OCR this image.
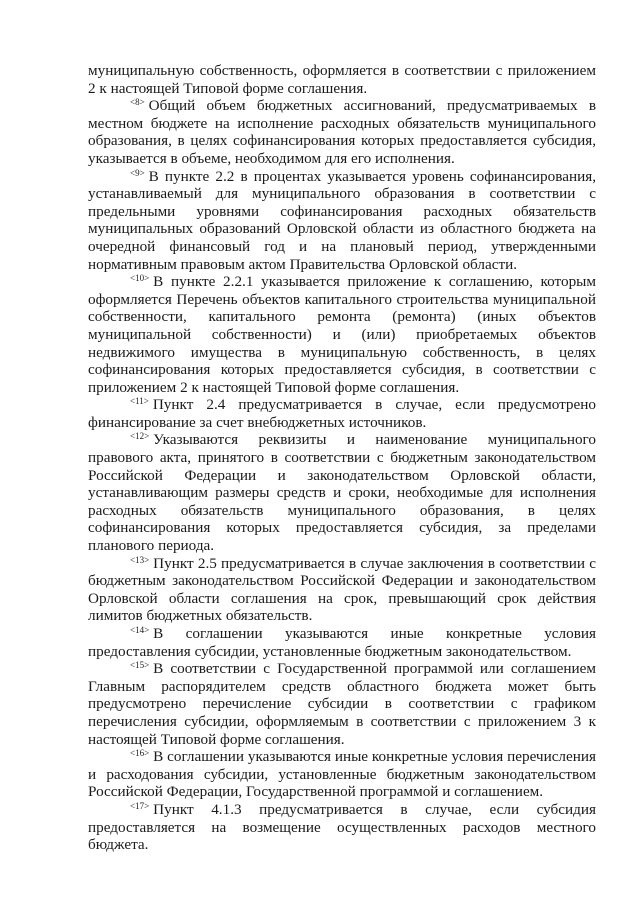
муниципальную собственность, оформляется в соответствии с приложением 2 к настоящей Типовой форме соглашения.

$^{<8>}$ Общий объем бюджетных ассигнований, предусматриваемых в местном бюджете на исполнение расходных обязательств муниципального образования, в целях софинансирования которых предоставляется субсидия, указывается в объеме, необходимом для его исполнения.

$^{<9>}$ В пункте 2.2 в процентах указывается уровень софинансирования, устанавливаемый для муниципального образования в соответствии с предельными уровнями софинансирования расходных обязательств муниципальных образований Орловской области из областного бюджета на очередной финансовый год и на плановый период, утвержденными нормативным правовым актом Правительства Орловской области.

$^{<10>}$ В пункте 2.2.1 указывается приложение к соглашению, которым оформляется Перечень объектов капитального строительства муниципальной собственности, капитального ремонта (ремонта) (иных объектов муниципальной собственности) и (или) приобретаемых объектов недвижимого имущества в муниципальную собственность, в целях софинансирования которых предоставляется субсидия, в соответствии с приложением 2 к настоящей Типовой форме соглашения.

$^{<11>}$ Пункт 2.4 предусматривается в случае, если предусмотрено финансирование за счет внебюджетных источников.

$^{<12>}$ Указываются реквизиты и наименование муниципального правового акта, принятого в соответствии с бюджетным законодательством Российской Федерации и законодательством Орловской области, устанавливающим размеры средств и сроки, необходимые для исполнения расходных обязательств муниципального образования, в целях софинансирования которых предоставляется субсидия, за пределами планового периода.

$^{<13>}$ Пункт 2.5 предусматривается в случае заключения в соответствии с бюджетным законодательством Российской Федерации и законодательством Орловской области соглашения на срок, превышающий срок действия лимитов бюджетных обязательств.

$^{<14>}$ В соглашении указываются иные конкретные условия предоставления субсидии, установленные бюджетным законодательством.

$^{<15>}$ В соответствии с Государственной программой или соглашением Главным распорядителем средств областного бюджета может быть предусмотрено перечисление субсидии в соответствии с графиком перечисления субсидии, оформляемым в соответствии с приложением 3 к настоящей Типовой форме соглашения.

$^{<16>}$ В соглашении указываются иные конкретные условия перечисления и расходования субсидии, установленные бюджетным законодательством Российской Федерации, Государственной программой и соглашением.

$^{<17>}$ Пункт 4.1.3 предусматривается в случае, если субсидия предоставляется на возмещение осуществленных расходов местного бюджета.
